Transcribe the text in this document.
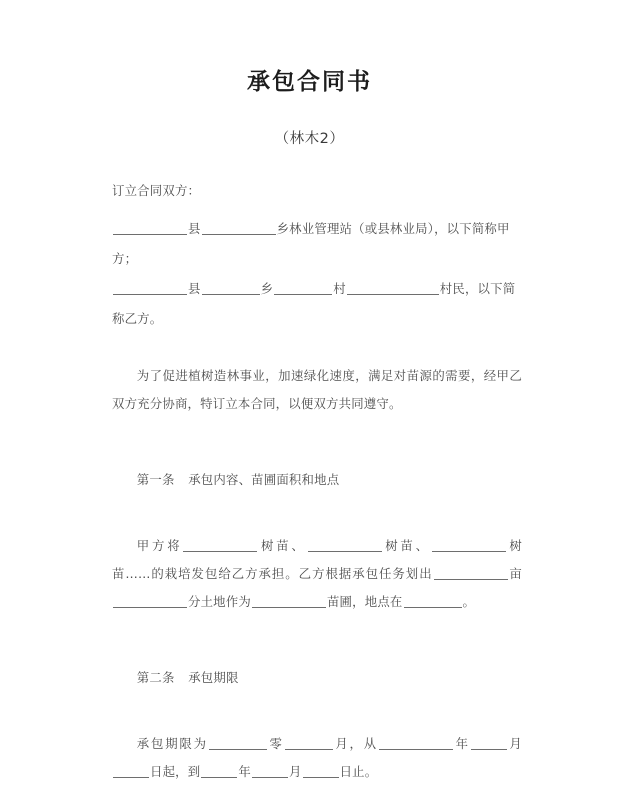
承包合同书
（林木2）

订立合同双方：

县	乡林业管理站（或县林业局），以下简称甲方；

县	乡	村	村民，以下简称乙方。

为了促进植树造林事业，加速绿化速度，满足对苗源的需要，经甲乙双方充分协商，特订立本合同，以便双方共同遵守。

第一条 承包内容、苗圃面积和地点

甲方将	树苗、	树苗、	树苗……的栽培发包给乙方承担。乙方根据承包任务划出	亩分土地作为	苗圃，地点在	。

第二条 承包期限

承包期限为	零	月，从	年	月日起，到	年	月	日止。
